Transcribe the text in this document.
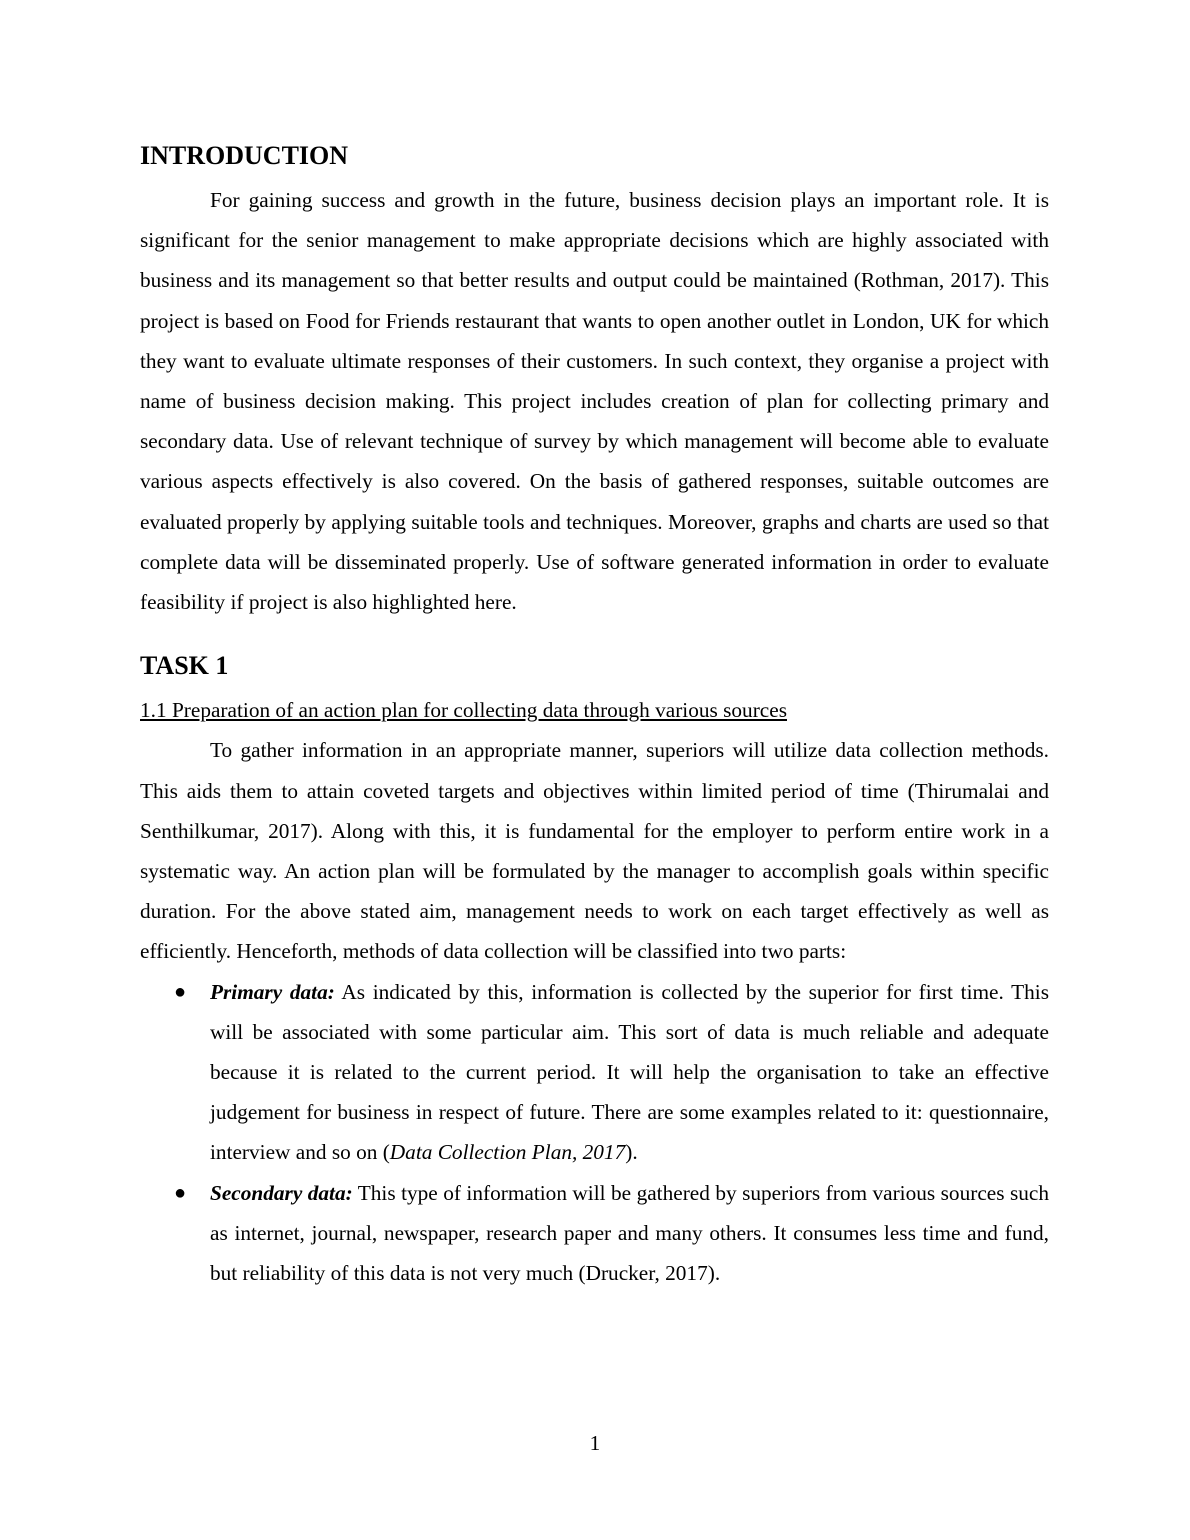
INTRODUCTION

For gaining success and growth in the future, business decision plays an important role. It is significant for the senior management to make appropriate decisions which are highly associated with business and its management so that better results and output could be maintained (Rothman, 2017). This project is based on Food for Friends restaurant that wants to open another outlet in London, UK for which they want to evaluate ultimate responses of their customers. In such context, they organise a project with name of business decision making. This project includes creation of plan for collecting primary and secondary data. Use of relevant technique of survey by which management will become able to evaluate various aspects effectively is also covered. On the basis of gathered responses, suitable outcomes are evaluated properly by applying suitable tools and techniques. Moreover, graphs and charts are used so that complete data will be disseminated properly. Use of software generated information in order to evaluate feasibility if project is also highlighted here.

TASK 1
1.1 Preparation of an action plan for collecting data through various sources

To gather information in an appropriate manner, superiors will utilize data collection methods. This aids them to attain coveted targets and objectives within limited period of time (Thirumalai and Senthilkumar, 2017). Along with this, it is fundamental for the employer to perform entire work in a systematic way. An action plan will be formulated by the manager to accomplish goals within specific duration. For the above stated aim, management needs to work on each target effectively as well as efficiently. Henceforth, methods of data collection will be classified into two parts:

● Primary data: As indicated by this, information is collected by the superior for first time. This will be associated with some particular aim. This sort of data is much reliable and adequate because it is related to the current period. It will help the organisation to take an effective judgement for business in respect of future. There are some examples related to it: questionnaire, interview and so on (Data Collection Plan, 2017).
● Secondary data: This type of information will be gathered by superiors from various sources such as internet, journal, newspaper, research paper and many others. It consumes less time and fund, but reliability of this data is not very much (Drucker, 2017).
1
